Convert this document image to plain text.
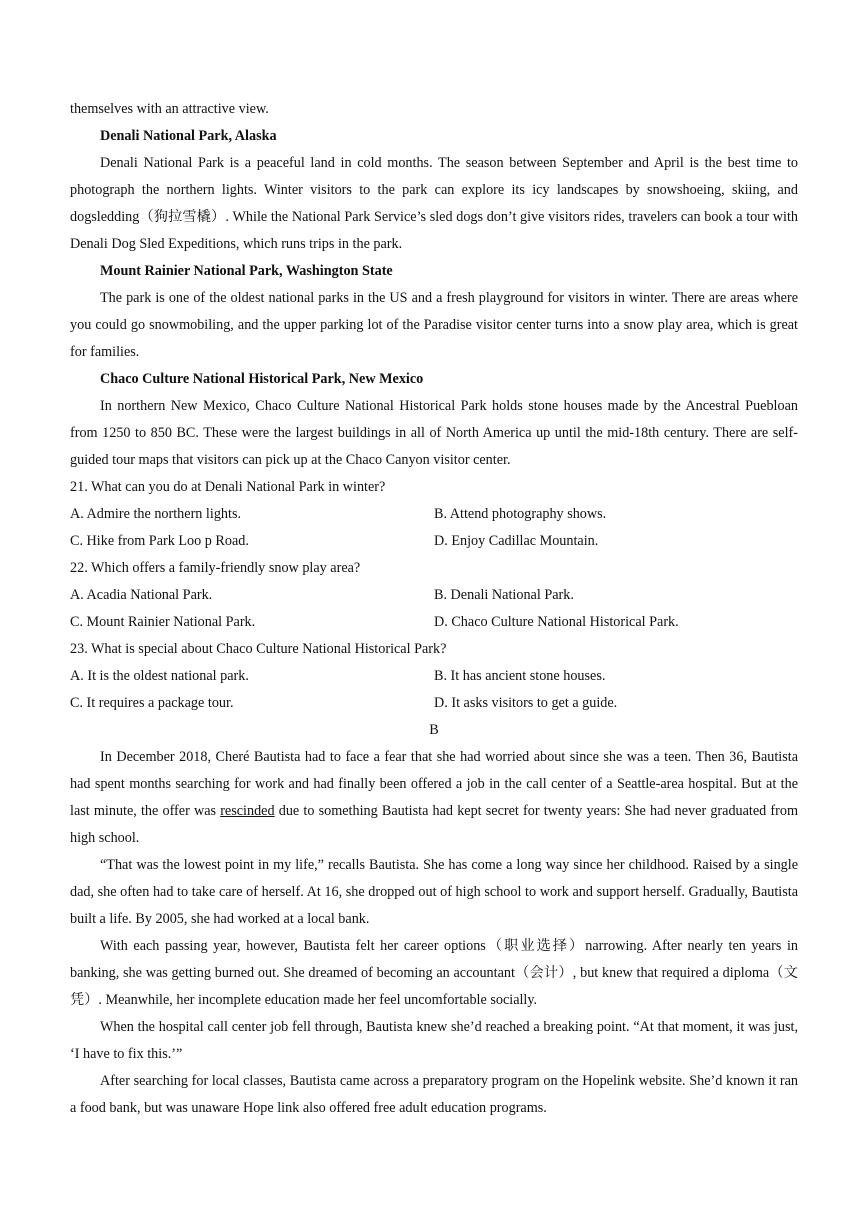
themselves with an attractive view.

Denali National Park, Alaska

Denali National Park is a peaceful land in cold months. The season between September and April is the best time to photograph the northern lights. Winter visitors to the park can explore its icy landscapes by snowshoeing, skiing, and dogsledding（狗拉雪橇）. While the National Park Service’s sled dogs don’t give visitors rides, travelers can book a tour with Denali Dog Sled Expeditions, which runs trips in the park.

Mount Rainier National Park, Washington State

The park is one of the oldest national parks in the US and a fresh playground for visitors in winter. There are areas where you could go snowmobiling, and the upper parking lot of the Paradise visitor center turns into a snow play area, which is great for families.

Chaco Culture National Historical Park, New Mexico

In northern New Mexico, Chaco Culture National Historical Park holds stone houses made by the Ancestral Puebloan from 1250 to 850 BC. These were the largest buildings in all of North America up until the mid-18th century. There are self-guided tour maps that visitors can pick up at the Chaco Canyon visitor center.

21. What can you do at Denali National Park in winter?

A. Admire the northern lights.	B. Attend photography shows.

C. Hike from Park Loo p Road.	D. Enjoy Cadillac Mountain.

22. Which offers a family-friendly snow play area?

A. Acadia National Park.	B. Denali National Park.

C. Mount Rainier National Park.	D. Chaco Culture National Historical Park.

23. What is special about Chaco Culture National Historical Park?

A. It is the oldest national park.	B. It has ancient stone houses.

C. It requires a package tour.	D. It asks visitors to get a guide.

B

In December 2018, Cheré Bautista had to face a fear that she had worried about since she was a teen. Then 36, Bautista had spent months searching for work and had finally been offered a job in the call center of a Seattle-area hospital. But at the last minute, the offer was rescinded due to something Bautista had kept secret for twenty years: She had never graduated from high school.

“That was the lowest point in my life,” recalls Bautista. She has come a long way since her childhood. Raised by a single dad, she often had to take care of herself. At 16, she dropped out of high school to work and support herself. Gradually, Bautista built a life. By 2005, she had worked at a local bank.

With each passing year, however, Bautista felt her career options（职业选择）narrowing. After nearly ten years in banking, she was getting burned out. She dreamed of becoming an accountant（会计）, but knew that required a diploma（文凭）. Meanwhile, her incomplete education made her feel uncomfortable socially.

When the hospital call center job fell through, Bautista knew she’d reached a breaking point. “At that moment, it was just, ‘I have to fix this.’”

After searching for local classes, Bautista came across a preparatory program on the Hopelink website. She’d known it ran a food bank, but was unaware Hope link also offered free adult education programs.
